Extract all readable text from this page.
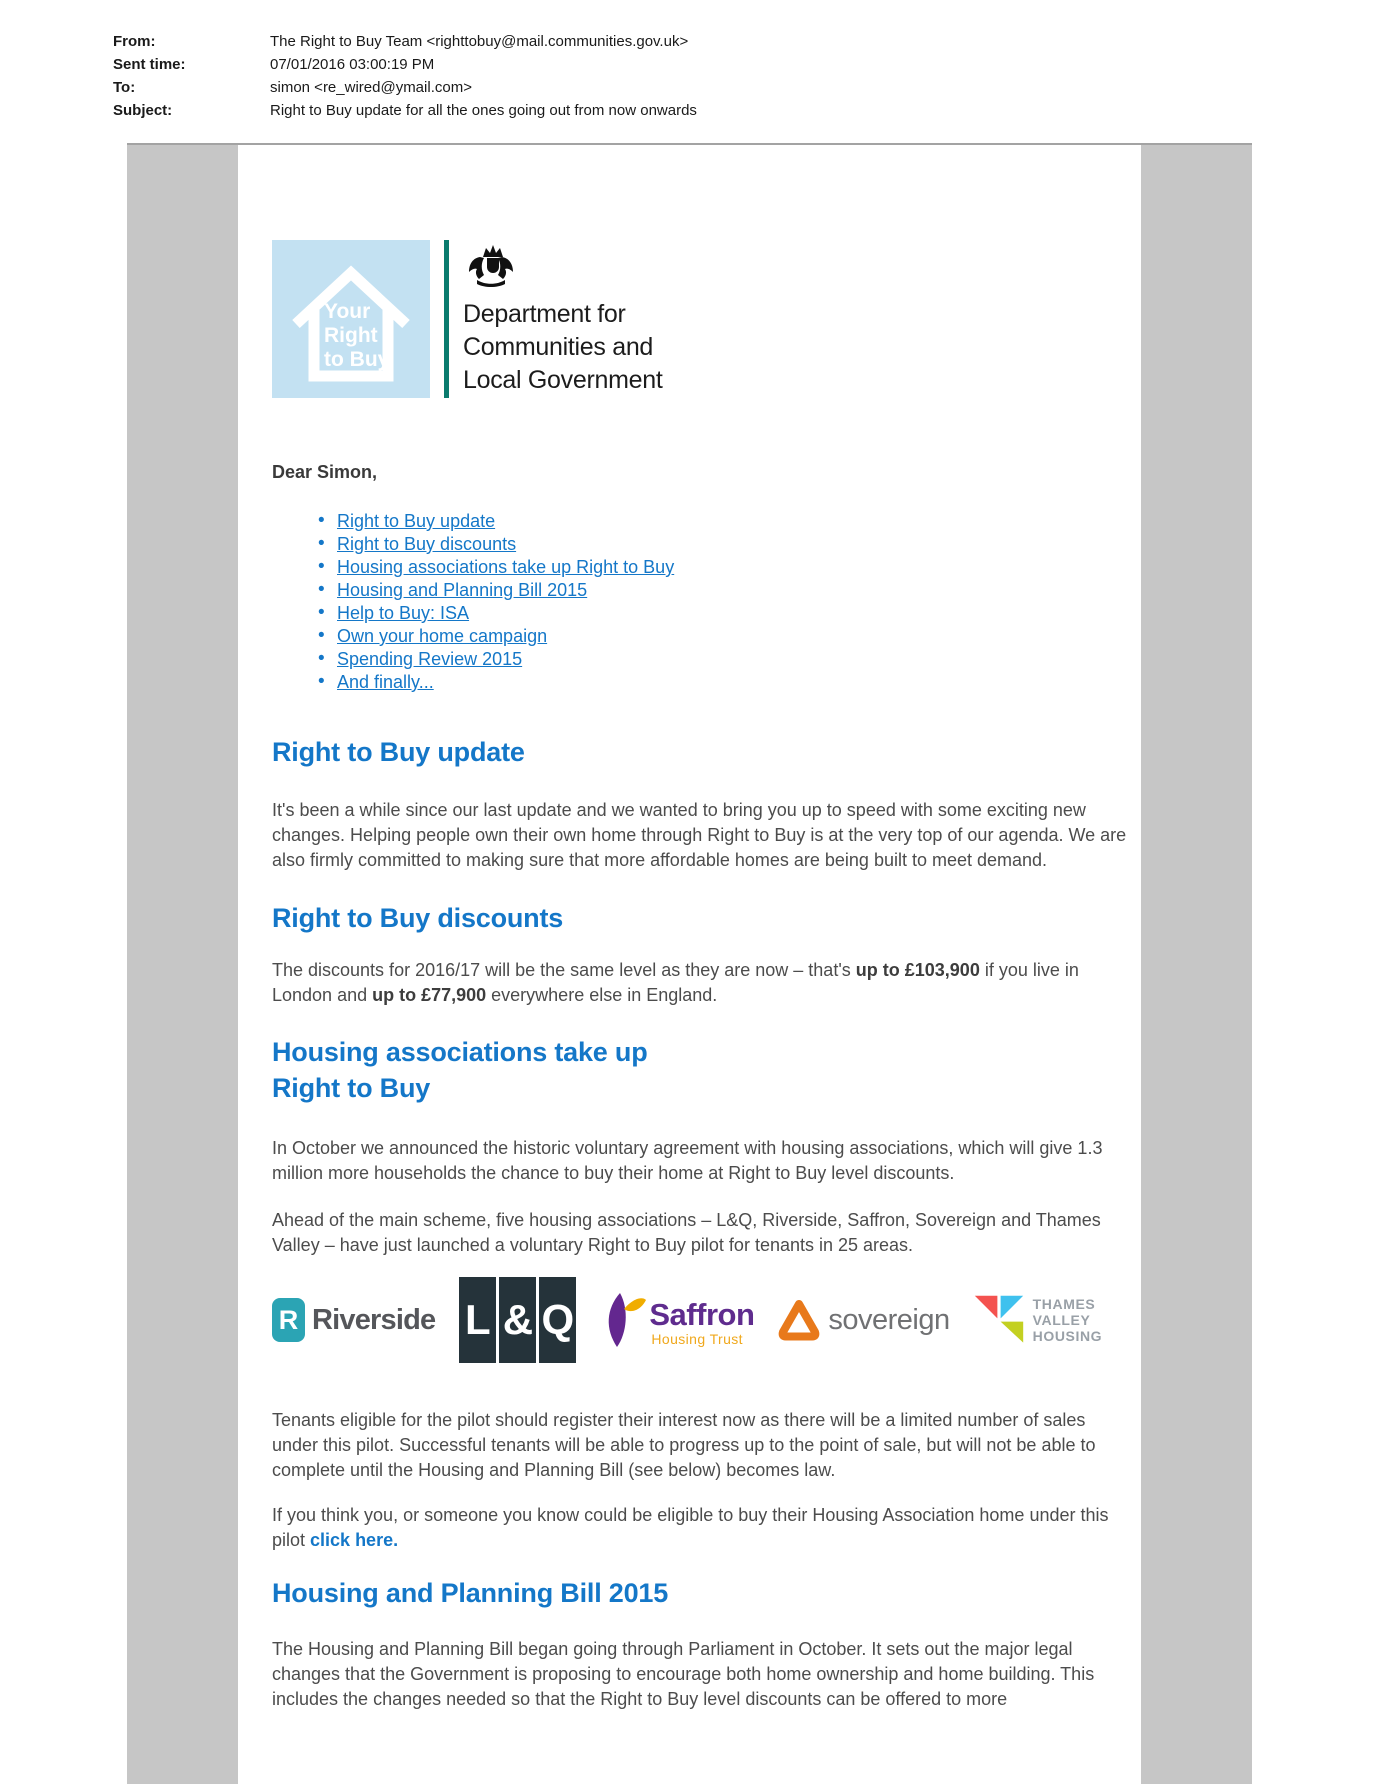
From:	The Right to Buy Team <righttobuy@mail.communities.gov.uk>
Sent time:	07/01/2016 03:00:19 PM
To:	simon <re_wired@ymail.com>
Subject:	Right to Buy update for all the ones going out from now onwards
Your
Right
to Buy
Department for
Communities and
Local Government
Dear Simon,
• Right to Buy update
• Right to Buy discounts
• Housing associations take up Right to Buy
• Housing and Planning Bill 2015
• Help to Buy: ISA
• Own your home campaign
• Spending Review 2015
• And finally...
Right to Buy update

It's been a while since our last update and we wanted to bring you up to speed with some exciting new changes. Helping people own their own home through Right to Buy is at the very top of our agenda. We are also firmly committed to making sure that more affordable homes are being built to meet demand.

Right to Buy discounts

The discounts for 2016/17 will be the same level as they are now – that's up to £103,900 if you live in London and up to £77,900 everywhere else in England.

Housing associations take up
Right to Buy

In October we announced the historic voluntary agreement with housing associations, which will give 1.3 million more households the chance to buy their home at Right to Buy level discounts.

Ahead of the main scheme, five housing associations – L&Q, Riverside, Saffron, Sovereign and Thames Valley – have just launched a voluntary Right to Buy pilot for tenants in 25 areas.

R Riverside L & Q Saffron
Housing Trust
sovereign	THAMES
VALLEY
HOUSING

Tenants eligible for the pilot should register their interest now as there will be a limited number of sales under this pilot. Successful tenants will be able to progress up to the point of sale, but will not be able to complete until the Housing and Planning Bill (see below) becomes law.

If you think you, or someone you know could be eligible to buy their Housing Association home under this pilot click here.

Housing and Planning Bill 2015

The Housing and Planning Bill began going through Parliament in October. It sets out the major legal changes that the Government is proposing to encourage both home ownership and home building. This includes the changes needed so that the Right to Buy level discounts can be offered to more
